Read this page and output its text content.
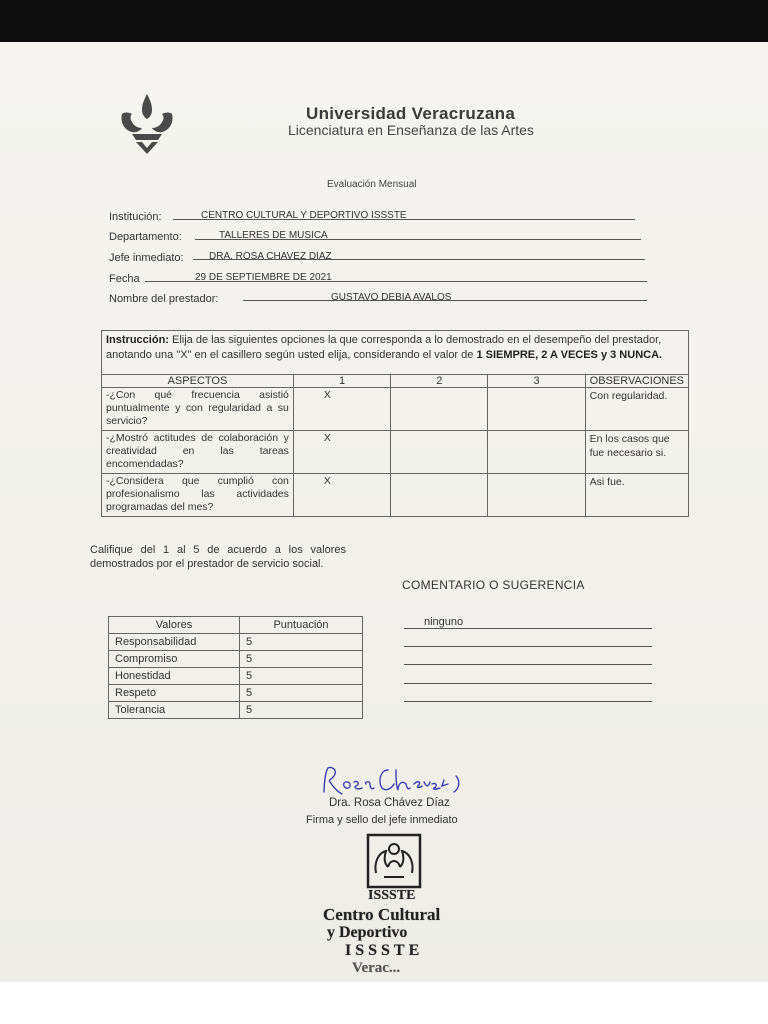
Universidad Veracruzana
Licenciatura en Enseñanza de las Artes
Evaluación Mensual
Institución:	CENTRO CULTURAL Y DEPORTIVO ISSSTE
Departamento:	TALLERES DE MUSICA
Jefe inmediato:	DRA. ROSA CHAVEZ DIAZ
Fecha	29 DE SEPTIEMBRE DE 2021
Nombre del prestador:	GUSTAVO DEBIA AVALOS
Instrucción: Elija de las siguientes opciones la que corresponda a lo demostrado en el desempeño del prestador, anotando una "X" en el casillero según usted elija, considerando el valor de 1 SIEMPRE, 2 A VECES y 3 NUNCA.
ASPECTOS	1	2	3	OBSERVACIONES
-¿Con qué frecuencia asistió puntualmente y con regularidad a su servicio?	X			Con regularidad.
-¿Mostró actitudes de colaboración y creatividad en las tareas encomendadas?	X			En los casos que fue necesario si.
-¿Considera que cumplió con profesionalismo las actividades programadas del mes?	X			Asi fue.
Califique del 1 al 5 de acuerdo a los valores demostrados por el prestador de servicio social.
COMENTARIO O SUGERENCIA
ninguno
Valores	Puntuación
Responsabilidad	5
Compromiso	5
Honestidad	5
Respeto	5
Tolerancia	5
Dra. Rosa Chávez Díaz
Firma y sello del jefe inmediato
ISSSTE
Centro Cultural
y Deportivo
ISSSTE
Verac...
